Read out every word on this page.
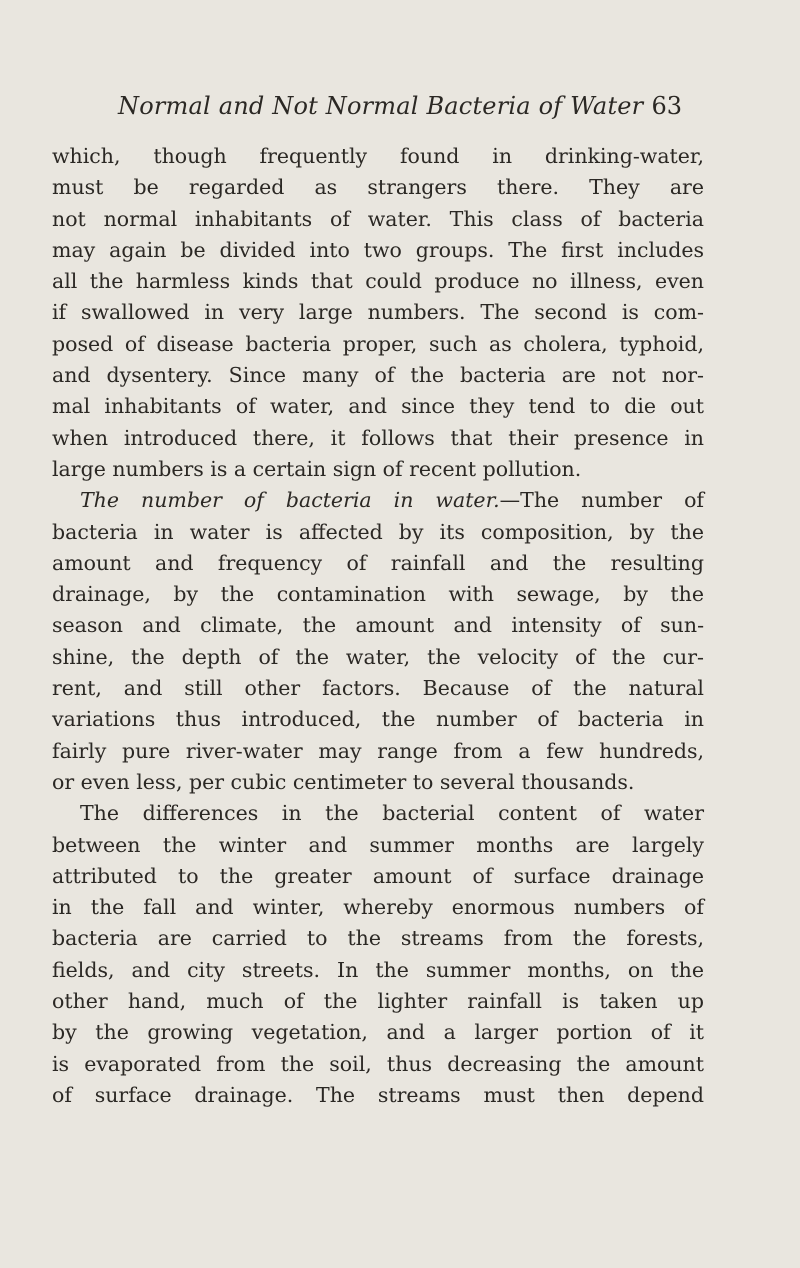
Normal and Not Normal Bacteria of Water 63
which, though frequently found in drinking-water,
must be regarded as strangers there. They are
not normal inhabitants of water. This class of bacteria
may again be divided into two groups. The first includes
all the harmless kinds that could produce no illness, even
if swallowed in very large numbers. The second is com-
posed of disease bacteria proper, such as cholera, typhoid,
and dysentery. Since many of the bacteria are not nor-
mal inhabitants of water, and since they tend to die out
when introduced there, it follows that their presence in
large numbers is a certain sign of recent pollution.
The number of bacteria in water.—The number of
bacteria in water is affected by its composition, by the
amount and frequency of rainfall and the resulting
drainage, by the contamination with sewage, by the
season and climate, the amount and intensity of sun-
shine, the depth of the water, the velocity of the cur-
rent, and still other factors. Because of the natural
variations thus introduced, the number of bacteria in
fairly pure river-water may range from a few hundreds,
or even less, per cubic centimeter to several thousands.
The differences in the bacterial content of water
between the winter and summer months are largely
attributed to the greater amount of surface drainage
in the fall and winter, whereby enormous numbers of
bacteria are carried to the streams from the forests,
fields, and city streets. In the summer months, on the
other hand, much of the lighter rainfall is taken up
by the growing vegetation, and a larger portion of it
is evaporated from the soil, thus decreasing the amount
of surface drainage. The streams must then depend
